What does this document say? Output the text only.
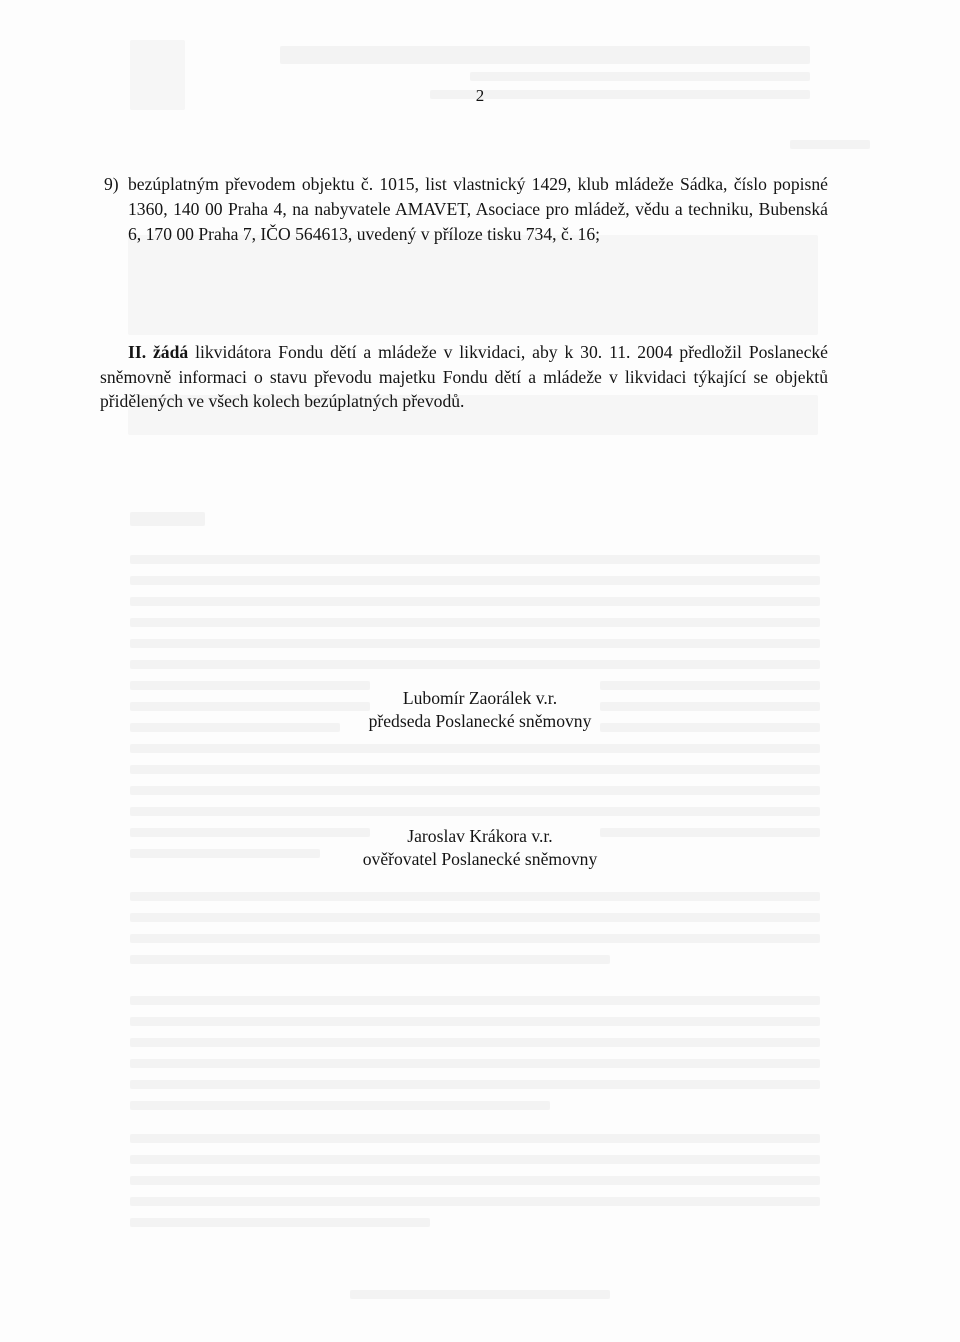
2
9) bezúplatným převodem objektu č. 1015, list vlastnický 1429, klub mládeže Sádka, číslo popisné 1360, 140 00 Praha 4, na nabyvatele AMAVET, Asociace pro mládež, vědu a techniku, Bubenská 6, 170 00 Praha 7, IČO 564613, uvedený v příloze tisku 734, č. 16;
II. žádá likvidátora Fondu dětí a mládeže v likvidaci, aby k 30. 11. 2004 předložil Poslanecké sněmovně informaci o stavu převodu majetku Fondu dětí a mládeže v likvidaci týkající se objektů přidělených ve všech kolech bezúplatných převodů.
Lubomír Zaorálek v.r.
předseda Poslanecké sněmovny
Jaroslav Krákora v.r.
ověřovatel Poslanecké sněmovny
